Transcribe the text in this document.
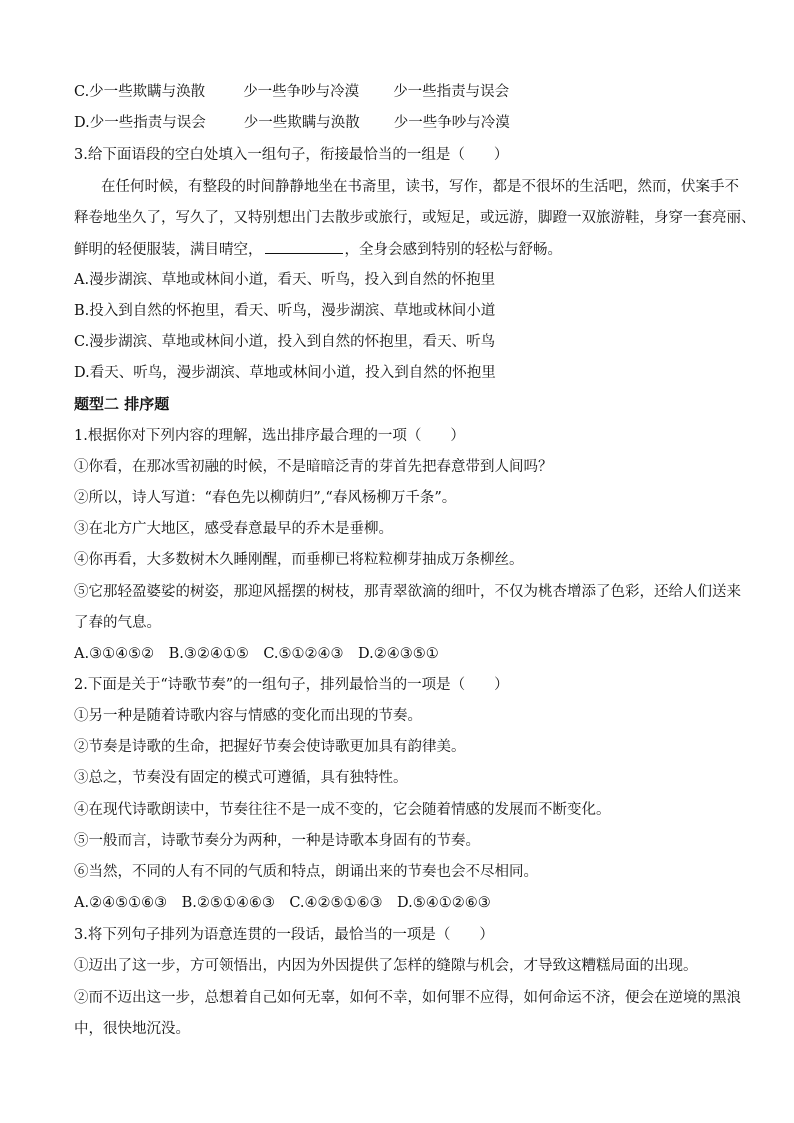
C.少一些欺瞒与涣散	少一些争吵与冷漠 少一些指责与误会
D.少一些指责与误会	少一些欺瞒与涣散 少一些争吵与冷漠
3.给下面语段的空白处填入一组句子，衔接最恰当的一组是（　　）
在任何时候，有整段的时间静静地坐在书斋里，读书，写作，都是不很坏的生活吧，然而，伏案手不
释卷地坐久了，写久了，又特别想出门去散步或旅行，或短足，或远游，脚蹬一双旅游鞋，身穿一套亮丽、
鲜明的轻便服装，满目晴空，	，全身会感到特别的轻松与舒畅。
A.漫步湖滨、草地或林间小道，看天、听鸟，投入到自然的怀抱里
B.投入到自然的怀抱里，看天、听鸟，漫步湖滨、草地或林间小道
C.漫步湖滨、草地或林间小道，投入到自然的怀抱里，看天、听鸟
D.看天、听鸟，漫步湖滨、草地或林间小道，投入到自然的怀抱里
题型二 排序题
1.根据你对下列内容的理解，选出排序最合理的一项（　　）
①你看，在那冰雪初融的时候，不是暗暗泛青的芽首先把春意带到人间吗？
②所以，诗人写道：“春色先以柳荫归”,“春风杨柳万千条”。
③在北方广大地区，感受春意最早的乔木是垂柳。
④你再看，大多数树木久睡刚醒，而垂柳已将粒粒柳芽抽成万条柳丝。
⑤它那轻盈婆娑的树姿，那迎风摇摆的树枝，那青翠欲滴的细叶，不仅为桃杏增添了色彩，还给人们送来
了春的气息。
A.③①④⑤②　B.③②④①⑤　C.⑤①②④③　D.②④③⑤①
2.下面是关于“诗歌节奏”的一组句子，排列最恰当的一项是（　　）
①另一种是随着诗歌内容与情感的变化而出现的节奏。
②节奏是诗歌的生命，把握好节奏会使诗歌更加具有韵律美。
③总之，节奏没有固定的模式可遵循，具有独特性。
④在现代诗歌朗读中，节奏往往不是一成不变的，它会随着情感的发展而不断变化。
⑤一般而言，诗歌节奏分为两种，一种是诗歌本身固有的节奏。
⑥当然，不同的人有不同的气质和特点，朗诵出来的节奏也会不尽相同。
A.②④⑤①⑥③　B.②⑤①④⑥③　C.④②⑤①⑥③　D.⑤④①②⑥③
3.将下列句子排列为语意连贯的一段话，最恰当的一项是（　　）
①迈出了这一步，方可领悟出，内因为外因提供了怎样的缝隙与机会，才导致这糟糕局面的出现。
②而不迈出这一步，总想着自己如何无辜，如何不幸，如何罪不应得，如何命运不济，便会在逆境的黑浪
中，很快地沉没。
